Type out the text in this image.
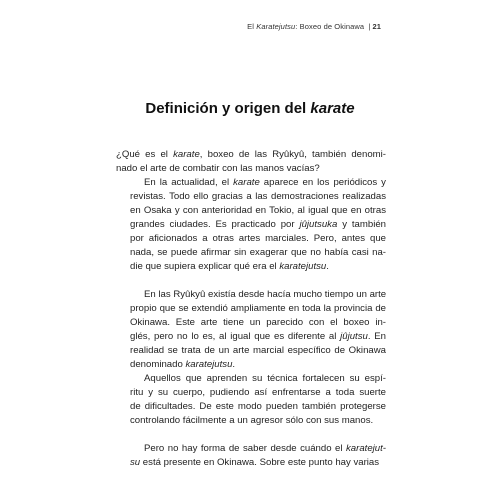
El Karatejutsu: Boxeo de Okinawa | 21
Definición y origen del karate

¿Qué es el karate, boxeo de las Ryûkyû, también denomi-
nado el arte de combatir con las manos vacías?

En la actualidad, el karate aparece en los periódicos y
revistas. Todo ello gracias a las demostraciones realizadas
en Osaka y con anterioridad en Tokio, al igual que en otras
grandes ciudades. Es practicado por jûjutsuka y también
por aficionados a otras artes marciales. Pero, antes que
nada, se puede afirmar sin exagerar que no había casi na-
die que supiera explicar qué era el karatejutsu.

En las Ryûkyû existía desde hacía mucho tiempo un arte
propio que se extendió ampliamente en toda la provincia de
Okinawa. Este arte tiene un parecido con el boxeo in-
glés, pero no lo es, al igual que es diferente al jûjutsu. En
realidad se trata de un arte marcial específico de Okinawa
denominado karatejutsu.

Aquellos que aprenden su técnica fortalecen su espí-
ritu y su cuerpo, pudiendo así enfrentarse a toda suerte
de dificultades. De este modo pueden también protegerse
controlando fácilmente a un agresor sólo con sus manos.

Pero no hay forma de saber desde cuándo el karatejut-
su está presente en Okinawa. Sobre este punto hay varias
